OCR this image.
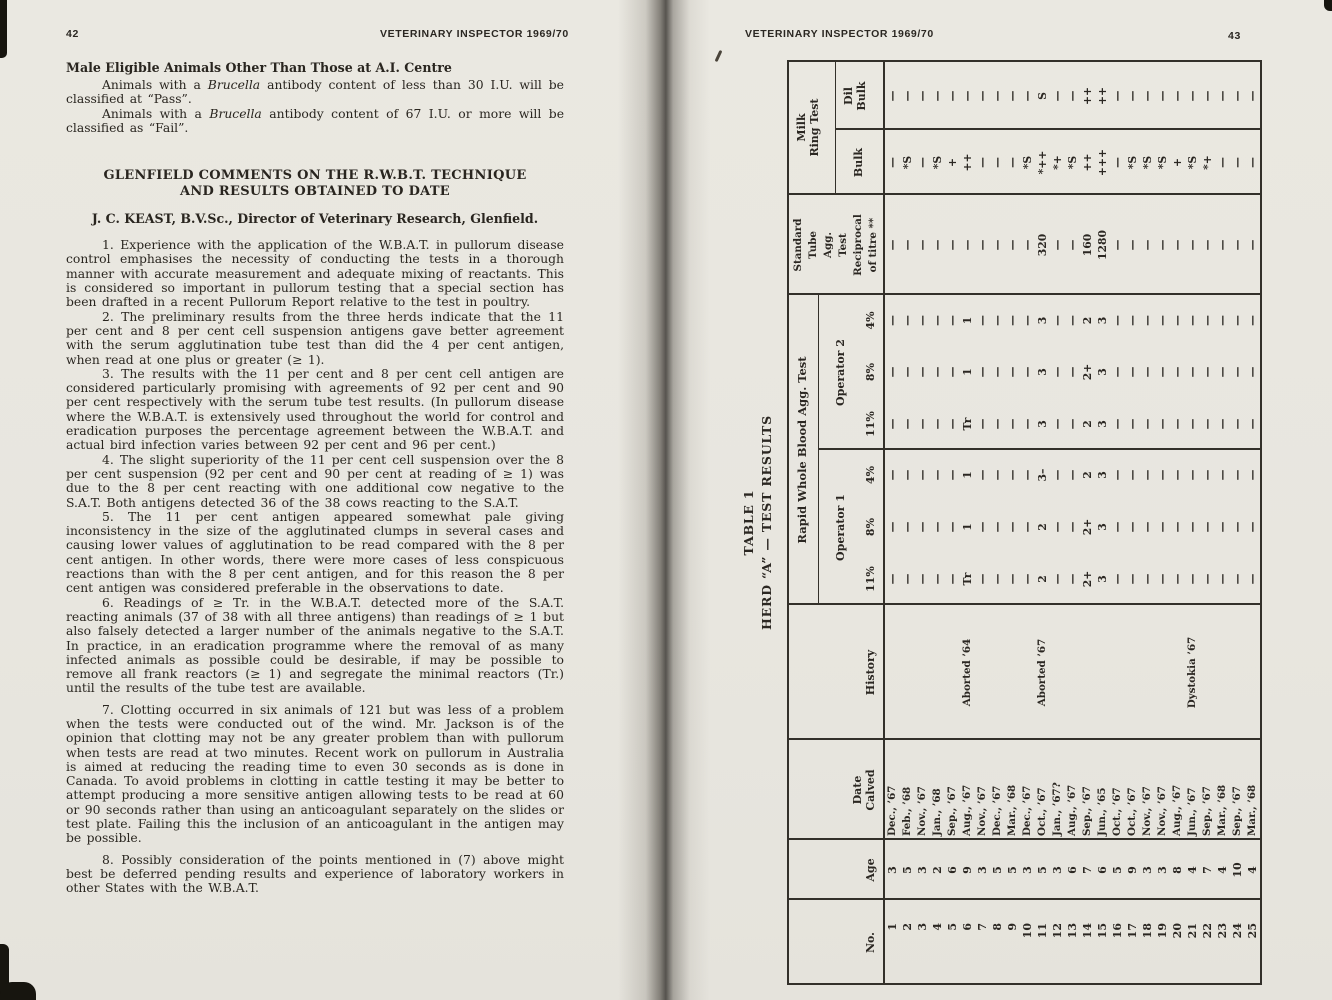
42	VETERINARY INSPECTOR 1969/70
Male Eligible Animals Other Than Those at A.I. Centre

Animals with a Brucella antibody content of less than 30 I.U. will be classified at “Pass”.

Animals with a Brucella antibody content of 67 I.U. or more will be classified as “Fail”.

GLENFIELD COMMENTS ON THE R.W.B.T. TECHNIQUE
AND RESULTS OBTAINED TO DATE

J. C. KEAST, B.V.Sc., Director of Veterinary Research, Glenfield.

1. Experience with the application of the W.B.A.T. in pullorum disease control emphasises the necessity of conducting the tests in a thorough manner with accurate measurement and adequate mixing of reactants. This is considered so important in pullorum testing that a special section has been drafted in a recent Pullorum Report relative to the test in poultry.

2. The preliminary results from the three herds indicate that the 11 per cent and 8 per cent cell suspension antigens gave better agreement with the serum agglutination tube test than did the 4 per cent antigen, when read at one plus or greater (≥ 1).

3. The results with the 11 per cent and 8 per cent cell antigen are considered particularly promising with agreements of 92 per cent and 90 per cent respectively with the serum tube test results. (In pullorum disease where the W.B.A.T. is extensively used throughout the world for control and eradication purposes the percentage agreement between the W.B.A.T. and actual bird infection varies between 92 per cent and 96 per cent.)

4. The slight superiority of the 11 per cent cell suspension over the 8 per cent suspension (92 per cent and 90 per cent at reading of ≥ 1) was due to the 8 per cent reacting with one additional cow negative to the S.A.T. Both antigens detected 36 of the 38 cows reacting to the S.A.T.

5. The 11 per cent antigen appeared somewhat pale giving inconsistency in the size of the agglutinated clumps in several cases and causing lower values of agglutination to be read compared with the 8 per cent antigen. In other words, there were more cases of less conspicuous reactions than with the 8 per cent antigen, and for this reason the 8 per cent antigen was considered preferable in the observations to date.

6. Readings of ≥ Tr. in the W.B.A.T. detected more of the S.A.T. reacting animals (37 of 38 with all three antigens) than readings of ≥ 1 but also falsely detected a larger number of the animals negative to the S.A.T. In practice, in an eradication programme where the removal of as many infected animals as possible could be desirable, if may be possible to remove all frank reactors (≥ 1) and segregate the minimal reactors (Tr.) until the results of the tube test are available.

7. Clotting occurred in six animals of 121 but was less of a problem when the tests were conducted out of the wind. Mr. Jackson is of the opinion that clotting may not be any greater problem than with pullorum when tests are read at two minutes. Recent work on pullorum in Australia is aimed at reducing the reading time to even 30 seconds as is done in Canada. To avoid problems in clotting in cattle testing it may be better to attempt producing a more sensitive antigen allowing tests to be read at 60 or 90 seconds rather than using an anticoagulant separately on the slides or test plate. Failing this the inclusion of an anticoagulant in the antigen may be possible.

8. Possibly consideration of the points mentioned in (7) above might best be deferred pending results and experience of laboratory workers in other States with the W.B.A.T.

VETERINARY INSPECTOR 1969/70	43
TABLE 1 HERD “A” — TEST RESULTS
No.
Age
Date
Calved
History
Rapid Whole Blood Agg. Test Operator 1
Operator 2
11%
8%
4%
11%
8%
4%
Standard Tube Agg. Test Reciprocal of titre **
Milk
Ring Test
Bulk
Dil
Bulk
1
3
Dec., ’67
—
—
—
—
—
—
—
—
—
2
5
Feb., ’68
—
—
—
—
—
—
—
*S
—
3
3
Nov., ’67
—
—
—
—
—
—
—
—
—
4
2
Jan., ’68
—
—
—
—
—
—
—
*S
—
5
6
Sep., ’67
—
—
—
—
—
—
—
+
—
6
9
Aug., ’67
Aborted ’64
Tr
1
1
Tr
1
1
—
++
—
7
3
Nov., ’67
—
—
—
—
—
—
—
—
—
8
5
Dec., ’67
—
—
—
—
—
—
—
—
—
9
5
Mar., ’68
—
—
—
—
—
—
—
—
—
10
3
Dec., ’67
—
—
—
—
—
—
—
*S
—
11
5
Oct., ’67
Aborted ’67
2
2
3–
3
3
3
320
*++
S
12
3
Jan., ’67?
—
—
—
—
—
—
—
*+
—
13
6
Aug., ’67
—
—
—
—
—
—
—
*S
—
14
7
Sep., ’67
2+
2+
2
2
2+
2
160
++
++
15
6
Jun., ’65
3
3
3
3
3
3
1280
+++
++
16
5
Oct., ’67
—
—
—
—
—
—
—
—
—
17
9
Oct., ’67
—
—
—
—
—
—
—
*S
—
18
3
Nov., ’67
—
—
—
—
—
—
—
*S
—
19
3
Nov., ’67
—
—
—
—
—
—
—
*S
—
20
8
Aug., ’67
—
—
—
—
—
—
—
+
—
21
4
Jun., ’67
Dystokia ’67
—
—
—
—
—
—
—
*S
—
22
7
Sep., ’67
—
—
—
—
—
—
—
*+
—
23
4
Mar., ’68
—
—
—
—
—
—
—
—
—
24
10
Sep., ’67
—
—
—
—
—
—
—
—
—
25
4
Mar., ’68
—
—
—
—
—
—
—
—
—
